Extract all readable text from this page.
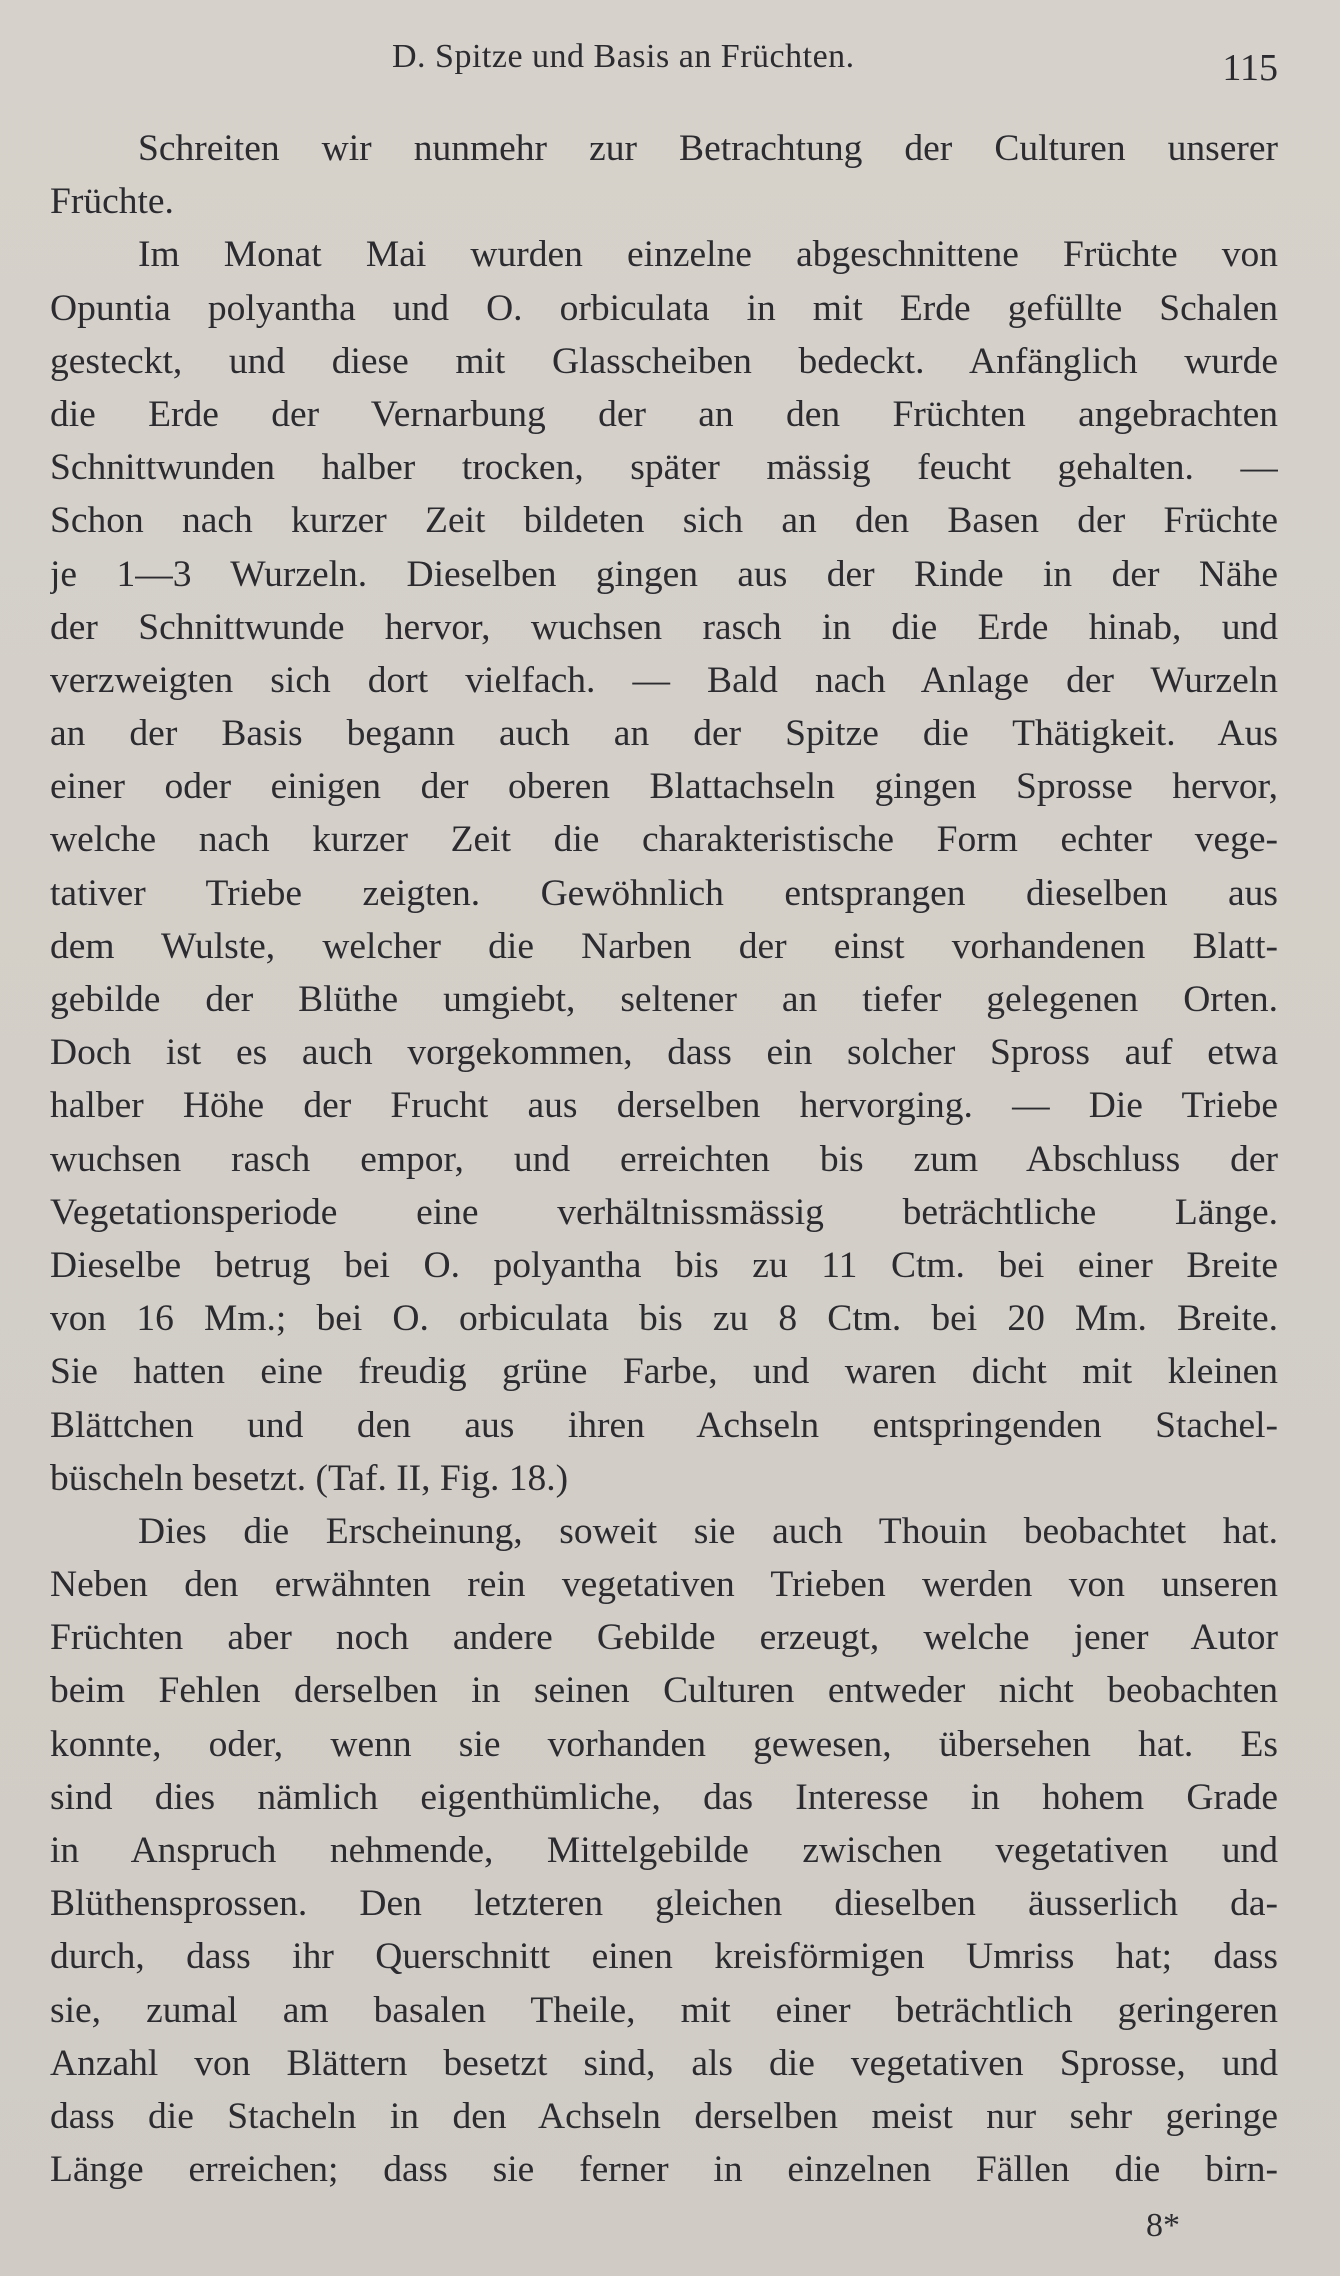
D. Spitze und Basis an Früchten.	115
Schreiten wir nunmehr zur Betrachtung der Culturen unserer
Früchte.
Im Monat Mai wurden einzelne abgeschnittene Früchte von
Opuntia polyantha und O. orbiculata in mit Erde gefüllte Schalen
gesteckt, und diese mit Glasscheiben bedeckt. Anfänglich wurde
die Erde der Vernarbung der an den Früchten angebrachten
Schnittwunden halber trocken, später mässig feucht gehalten. —
Schon nach kurzer Zeit bildeten sich an den Basen der Früchte
je 1—3 Wurzeln. Dieselben gingen aus der Rinde in der Nähe
der Schnittwunde hervor, wuchsen rasch in die Erde hinab, und
verzweigten sich dort vielfach. — Bald nach Anlage der Wurzeln
an der Basis begann auch an der Spitze die Thätigkeit. Aus
einer oder einigen der oberen Blattachseln gingen Sprosse hervor,
welche nach kurzer Zeit die charakteristische Form echter vege-
tativer Triebe zeigten. Gewöhnlich entsprangen dieselben aus
dem Wulste, welcher die Narben der einst vorhandenen Blatt-
gebilde der Blüthe umgiebt, seltener an tiefer gelegenen Orten.
Doch ist es auch vorgekommen, dass ein solcher Spross auf etwa
halber Höhe der Frucht aus derselben hervorging. — Die Triebe
wuchsen rasch empor, und erreichten bis zum Abschluss der
Vegetationsperiode eine verhältnissmässig beträchtliche Länge.
Dieselbe betrug bei O. polyantha bis zu 11 Ctm. bei einer Breite
von 16 Mm.; bei O. orbiculata bis zu 8 Ctm. bei 20 Mm. Breite.
Sie hatten eine freudig grüne Farbe, und waren dicht mit kleinen
Blättchen und den aus ihren Achseln entspringenden Stachel-
büscheln besetzt. (Taf. II, Fig. 18.)
Dies die Erscheinung, soweit sie auch Thouin beobachtet hat.
Neben den erwähnten rein vegetativen Trieben werden von unseren
Früchten aber noch andere Gebilde erzeugt, welche jener Autor
beim Fehlen derselben in seinen Culturen entweder nicht beobachten
konnte, oder, wenn sie vorhanden gewesen, übersehen hat. Es
sind dies nämlich eigenthümliche, das Interesse in hohem Grade
in Anspruch nehmende, Mittelgebilde zwischen vegetativen und
Blüthensprossen. Den letzteren gleichen dieselben äusserlich da-
durch, dass ihr Querschnitt einen kreisförmigen Umriss hat; dass
sie, zumal am basalen Theile, mit einer beträchtlich geringeren
Anzahl von Blättern besetzt sind, als die vegetativen Sprosse, und
dass die Stacheln in den Achseln derselben meist nur sehr geringe
Länge erreichen; dass sie ferner in einzelnen Fällen die birn-
8*
